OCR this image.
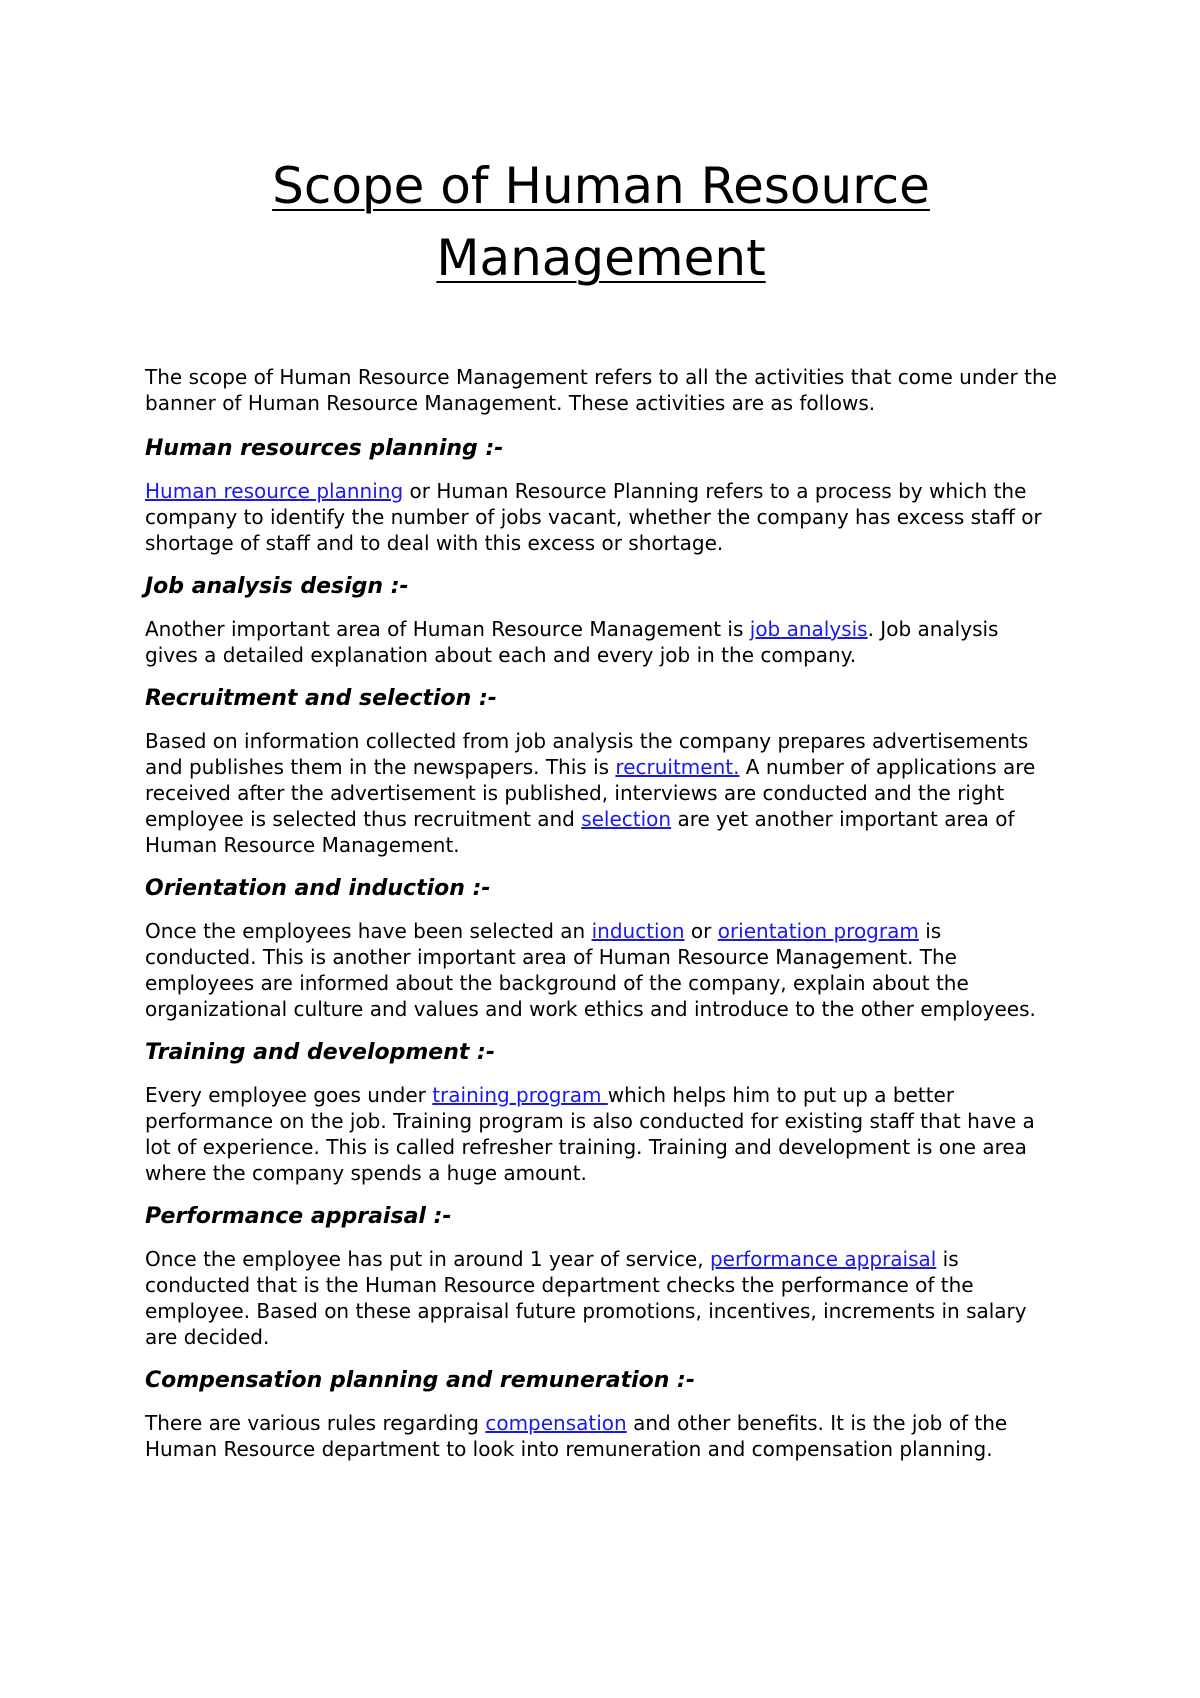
Scope of Human Resource Management

The scope of Human Resource Management refers to all the activities that come under the banner of Human Resource Management. These activities are as follows.

Human resources planning :-

Human resource planning or Human Resource Planning refers to a process by which the company to identify the number of jobs vacant, whether the company has excess staff or shortage of staff and to deal with this excess or shortage.

Job analysis design :-

Another important area of Human Resource Management is job analysis. Job analysis gives a detailed explanation about each and every job in the company.

Recruitment and selection :-

Based on information collected from job analysis the company prepares advertisements and publishes them in the newspapers. This is recruitment. A number of applications are received after the advertisement is published, interviews are conducted and the right employee is selected thus recruitment and selection are yet another important area of Human Resource Management.

Orientation and induction :-

Once the employees have been selected an induction or orientation program is conducted. This is another important area of Human Resource Management. The employees are informed about the background of the company, explain about the organizational culture and values and work ethics and introduce to the other employees.

Training and development :-

Every employee goes under training program which helps him to put up a better performance on the job. Training program is also conducted for existing staff that have a lot of experience. This is called refresher training. Training and development is one area where the company spends a huge amount.

Performance appraisal :-

Once the employee has put in around 1 year of service, performance appraisal is conducted that is the Human Resource department checks the performance of the employee. Based on these appraisal future promotions, incentives, increments in salary are decided.

Compensation planning and remuneration :-

There are various rules regarding compensation and other benefits. It is the job of the Human Resource department to look into remuneration and compensation planning.
